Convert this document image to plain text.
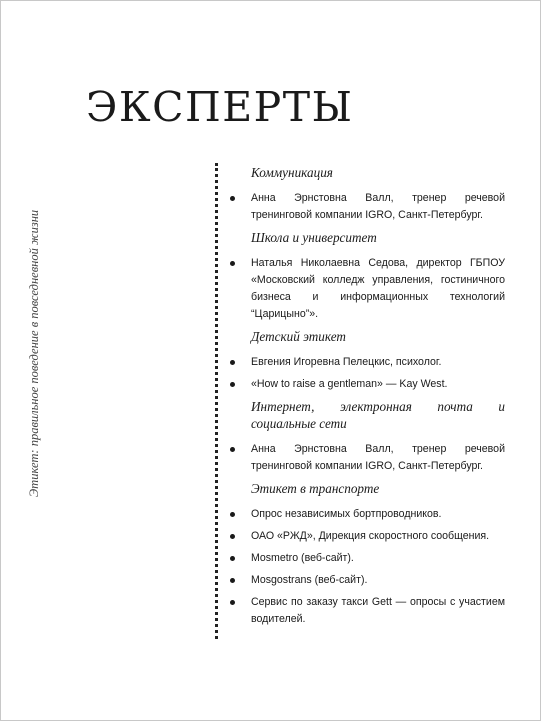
ЭКСПЕРТЫ
Этикет: правильное поведение в повседневной жизни
Коммуникация
Анна Эрнстовна Валл, тренер речевой тренинговой компании IGRO, Санкт-Петербург.
Школа и университет
Наталья Николаевна Седова, директор ГБПОУ «Московский колледж управления, гостиничного бизнеса и информационных технологий “Царицыно”».
Детский этикет
Евгения Игоревна Пелецкис, психолог.
«How to raise a gentleman» — Kay West.
Интернет, электронная почта и социальные сети
Анна Эрнстовна Валл, тренер речевой тренинговой компании IGRO, Санкт-Петербург.
Этикет в транспорте
Опрос независимых бортпроводников.
ОАО «РЖД», Дирекция скоростного сообщения.
Mosmetro (веб-сайт).
Mosgostrans (веб-сайт).
Сервис по заказу такси Gett — опросы с участием водителей.
